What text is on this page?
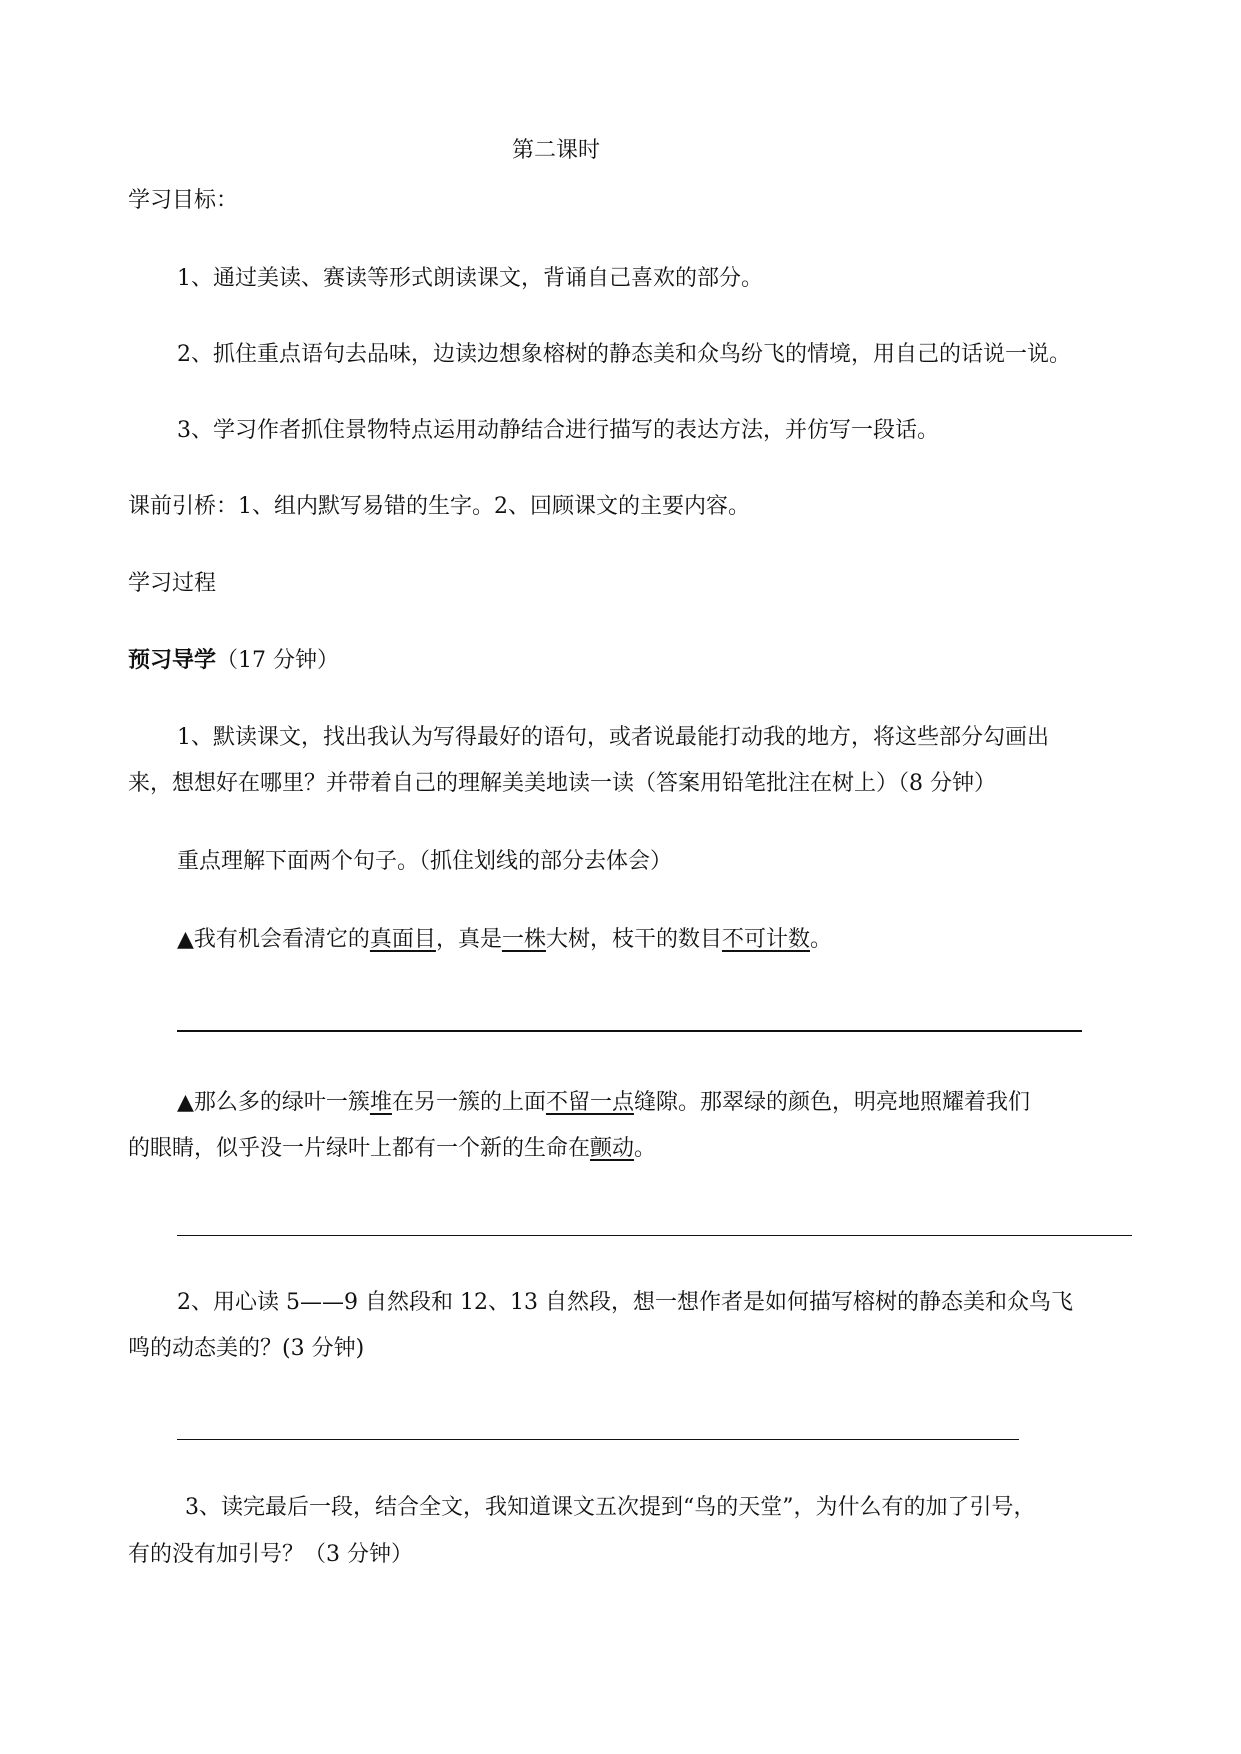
第二课时
学习目标：
1、通过美读、赛读等形式朗读课文，背诵自己喜欢的部分。
2、抓住重点语句去品味，边读边想象榕树的静态美和众鸟纷飞的情境，用自己的话说一说。
3、学习作者抓住景物特点运用动静结合进行描写的表达方法，并仿写一段话。
课前引桥：1、组内默写易错的生字。2、回顾课文的主要内容。
学习过程
预习导学（17 分钟）
1、默读课文，找出我认为写得最好的语句，或者说最能打动我的地方，将这些部分勾画出
来，想想好在哪里？并带着自己的理解美美地读一读（答案用铅笔批注在树上）（8 分钟）
重点理解下面两个句子。（抓住划线的部分去体会）
▲我有机会看清它的真面目，真是一株大树，枝干的数目不可计数。
▲那么多的绿叶一簇堆在另一簇的上面不留一点缝隙。那翠绿的颜色，明亮地照耀着我们
的眼睛，似乎没一片绿叶上都有一个新的生命在颤动。
2、用心读 5——9 自然段和 12、13 自然段，想一想作者是如何描写榕树的静态美和众鸟飞
鸣的动态美的？(3 分钟)
3、读完最后一段，结合全文，我知道课文五次提到“鸟的天堂”，为什么有的加了引号，
有的没有加引号？（3 分钟）
